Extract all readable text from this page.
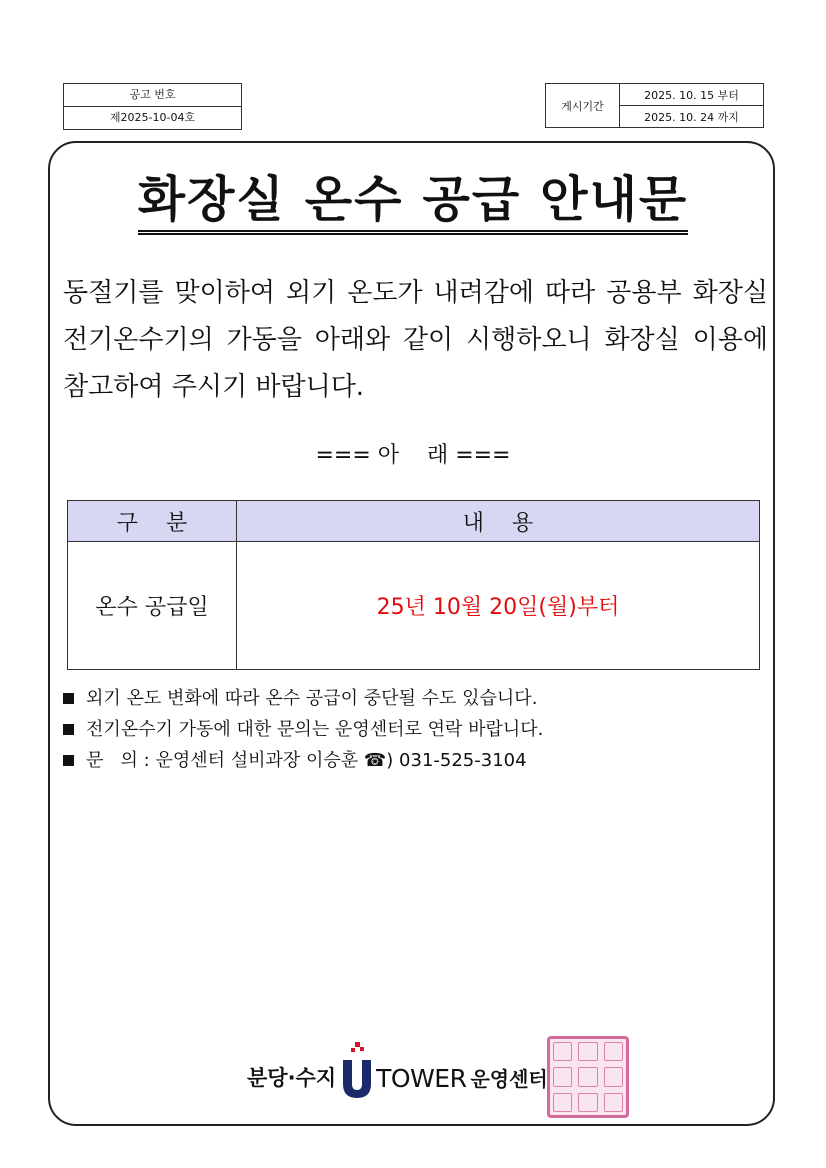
공고 번호
제2025-10-04호
게시기간
2025. 10. 15 부터
2025. 10. 24 까지
화장실 온수 공급 안내문
동절기를 맞이하여 외기 온도가 내려감에 따라 공용부 화장실
전기온수기의 가동을 아래와 같이 시행하오니 화장실 이용에
참고하여 주시기 바랍니다.
=== 아    래 ===
구    분	내    용
온수 공급일	25년 10월 20일(월)부터
외기 온도 변화에 따라 온수 공급이 중단될 수도 있습니다.
전기온수기 가동에 대한 문의는 운영센터로 연락 바랍니다.
문   의 : 운영센터 설비과장 이승훈 ☎) 031-525-3104
분당·수지 TOWER 운영센터
